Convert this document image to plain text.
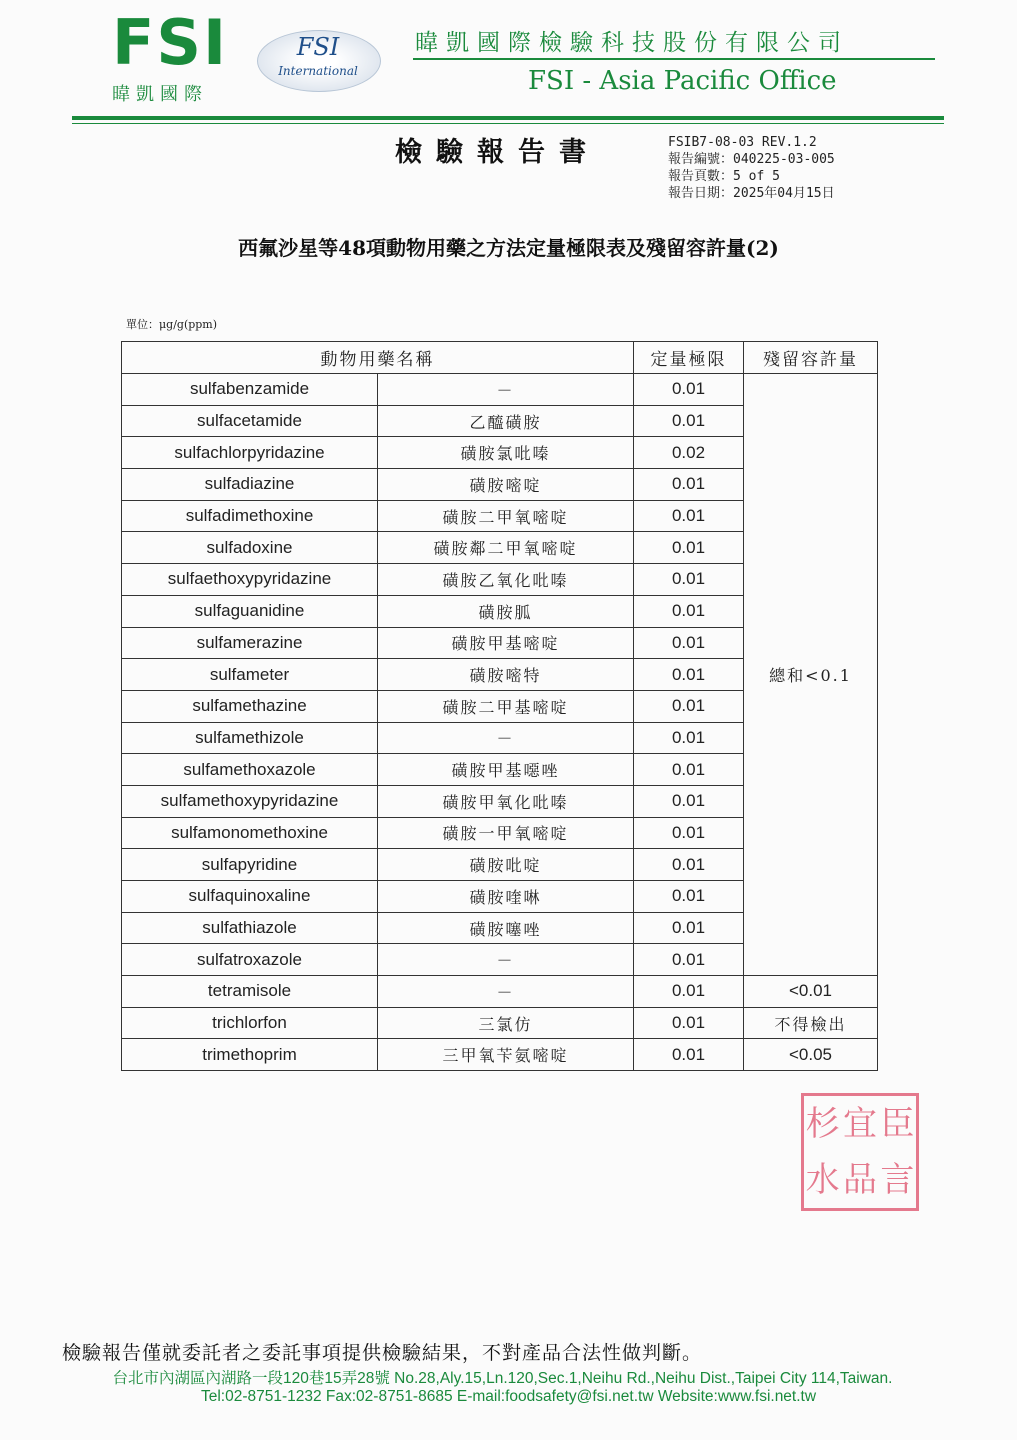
FSI
暐凱國際
FSI
International
暐凱國際檢驗科技股份有限公司
FSI - Asia Pacific Office
檢驗報告書	FSIB7-08-03 REV.1.2
報告編號：040225-03-005
報告頁數：5 of 5
報告日期：2025年04月15日
西氟沙星等48項動物用藥之方法定量極限表及殘留容許量(2)
單位：μg/g(ppm)
動物用藥名稱		定量極限	殘留容許量
sulfabenzamide	－	0.01	總和<0.1
sulfacetamide	乙醯磺胺	0.01	
sulfachlorpyridazine	磺胺氯吡嗪	0.02	
sulfadiazine	磺胺嘧啶	0.01	
sulfadimethoxine	磺胺二甲氧嘧啶	0.01	
sulfadoxine	磺胺鄰二甲氧嘧啶	0.01	
sulfaethoxypyridazine	磺胺乙氧化吡嗪	0.01	
sulfaguanidine	磺胺胍	0.01	
sulfamerazine	磺胺甲基嘧啶	0.01	
sulfameter	磺胺嘧特	0.01	
sulfamethazine	磺胺二甲基嘧啶	0.01	
sulfamethizole	－	0.01	
sulfamethoxazole	磺胺甲基噁唑	0.01	
sulfamethoxypyridazine	磺胺甲氧化吡嗪	0.01	
sulfamonomethoxine	磺胺一甲氧嘧啶	0.01	
sulfapyridine	磺胺吡啶	0.01	
sulfaquinoxaline	磺胺喹啉	0.01	
sulfathiazole	磺胺噻唑	0.01	
sulfatroxazole	－	0.01	
tetramisole	－	0.01	<0.01
trichlorfon	三氯仿	0.01	不得檢出
trimethoprim	三甲氧苄氨嘧啶	0.01	<0.05
杉 宜 臣
水 品 言
檢驗報告僅就委託者之委託事項提供檢驗結果，不對產品合法性做判斷。
台北市內湖區內湖路一段120巷15弄28號 No.28,Aly.15,Ln.120,Sec.1,Neihu Rd.,Neihu Dist.,Taipei City 114,Taiwan.
Tel:02-8751-1232 Fax:02-8751-8685 E-mail:foodsafety@fsi.net.tw Website:www.fsi.net.tw
